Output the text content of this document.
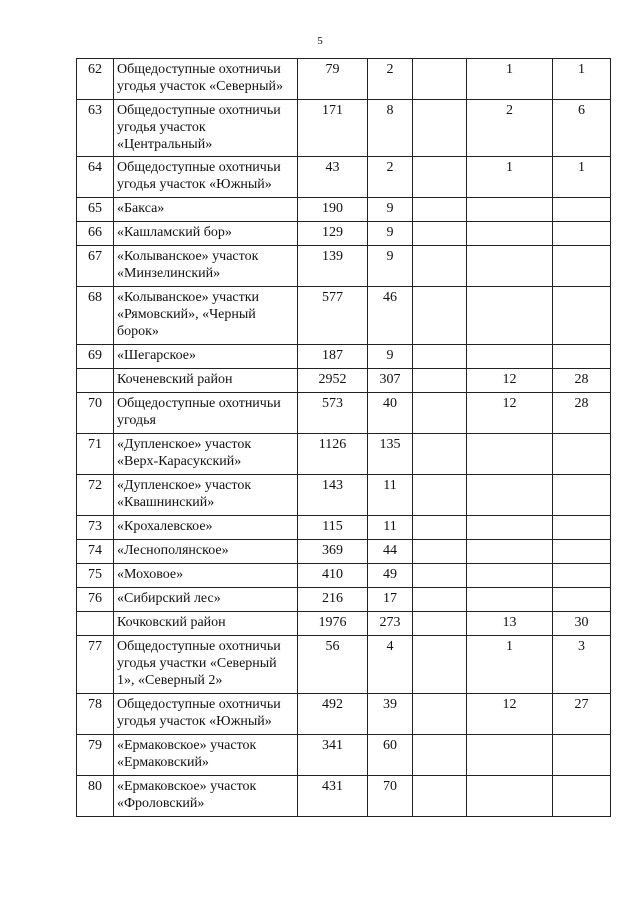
5
62	Общедоступные охотничьи угодья участок «Северный»	79	2		1	1
63	Общедоступные охотничьи угодья участок «Центральный»	171	8		2	6
64	Общедоступные охотничьи угодья участок «Южный»	43	2		1	1
65	«Бакса»	190	9			
66	«Кашламский бор»	129	9			
67	«Колыванское» участок «Минзелинский»	139	9			
68	«Колыванское» участки «Рямовский», «Черный борок»	577	46			
69	«Шегарское»	187	9			
	Коченевский район	2952	307		12	28
70	Общедоступные охотничьи угодья	573	40		12	28
71	«Дупленское» участок «Верх-Карасукский»	1126	135			
72	«Дупленское» участок «Квашнинский»	143	11			
73	«Крохалевское»	115	11			
74	«Леснополянское»	369	44			
75	«Моховое»	410	49			
76	«Сибирский лес»	216	17			
	Кочковский район	1976	273		13	30
77	Общедоступные охотничьи угодья участки «Северный 1», «Северный 2»	56	4		1	3
78	Общедоступные охотничьи угодья участок «Южный»	492	39		12	27
79	«Ермаковское» участок «Ермаковский»	341	60			
80	«Ермаковское» участок «Фроловский»	431	70			
